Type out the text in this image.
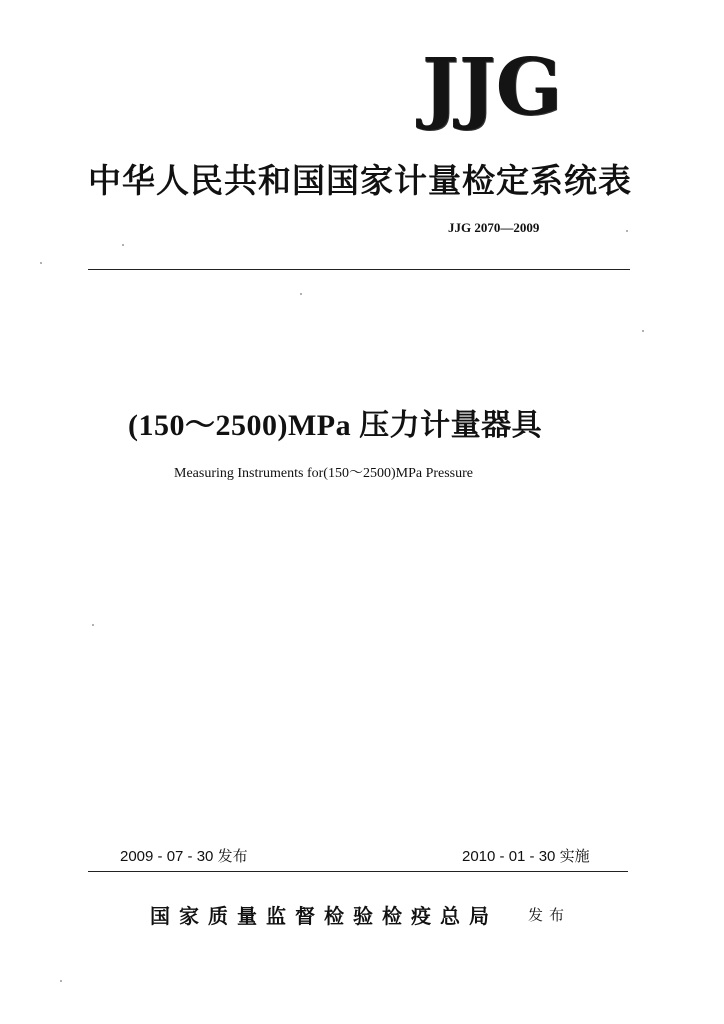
J J G
中华人民共和国国家计量检定系统表
JJG 2070—2009
(150～2500)MPa 压力计量器具
Measuring Instruments for(150～2500)MPa Pressure
2009 - 07 - 30 发布	2010 - 01 - 30 实施
国家质量监督检验检疫总局 发布
